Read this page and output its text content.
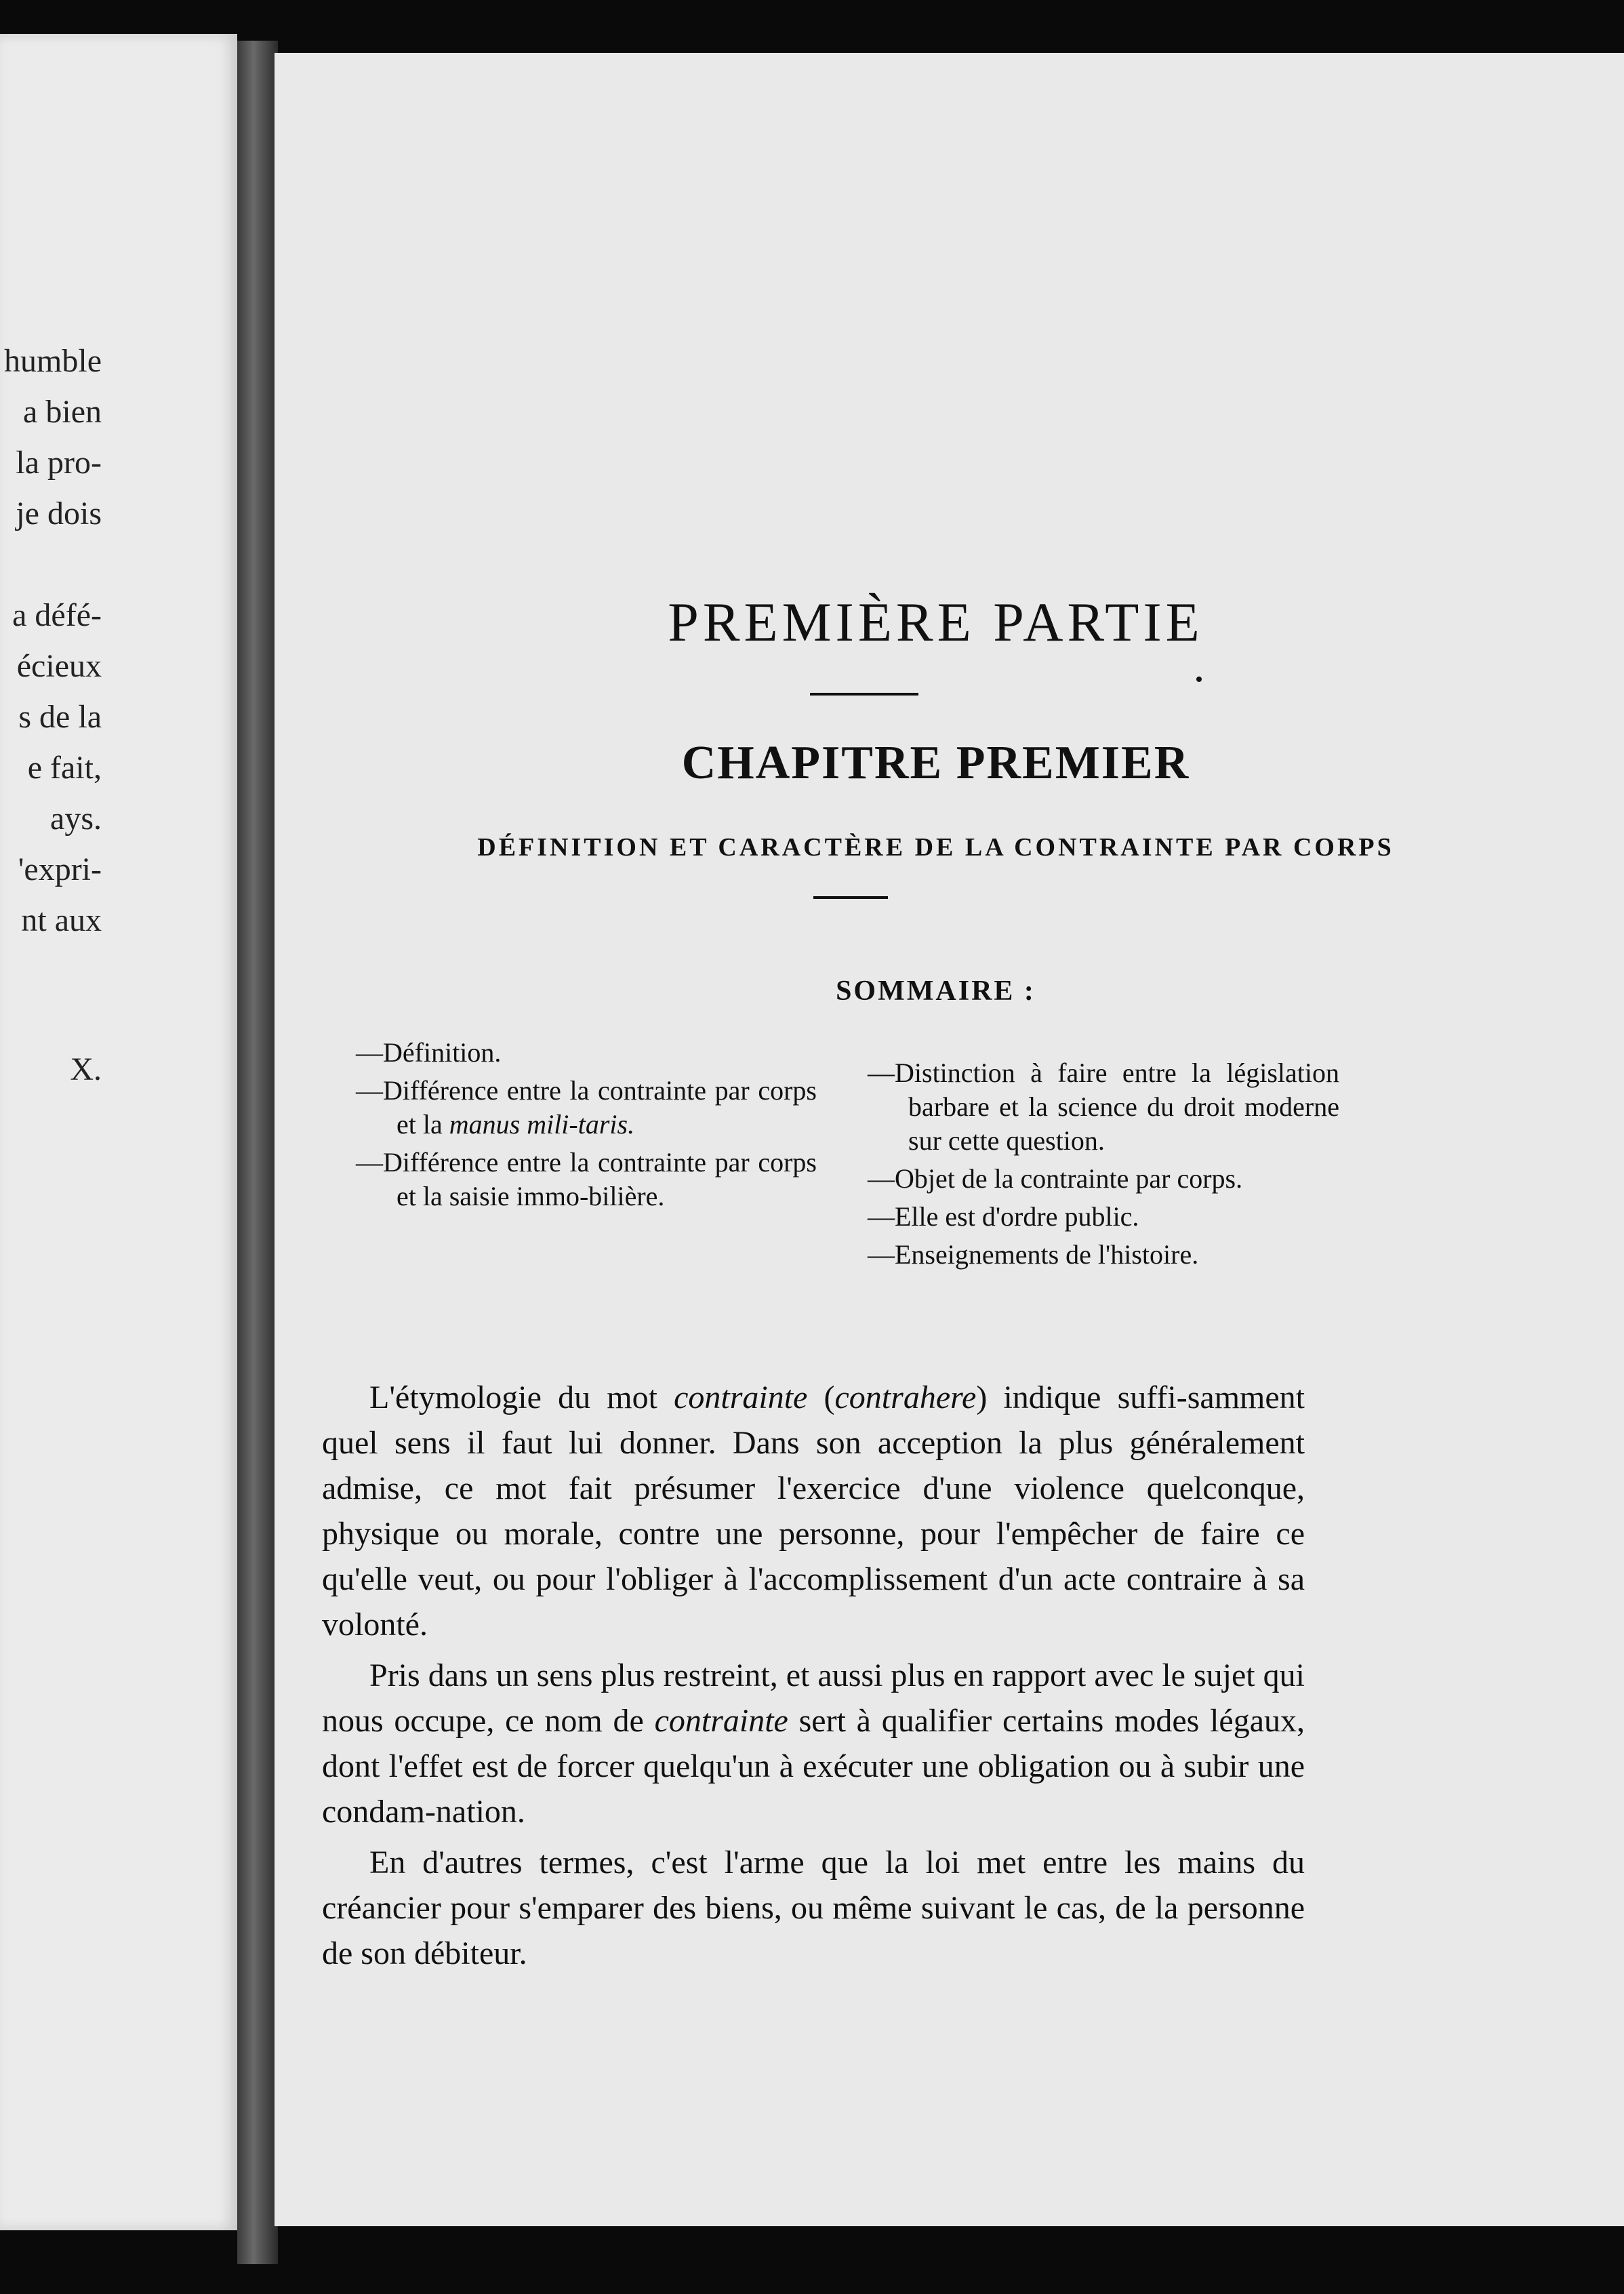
humble
a bien
la pro-
je dois
a défé-
écieux
s de la
e fait,
ays.
'expri-
nt aux
X.
PREMIÈRE PARTIE
CHAPITRE PREMIER
DÉFINITION ET CARACTÈRE DE LA CONTRAINTE PAR CORPS
SOMMAIRE :
—Définition.
—Différence entre la contrainte par corps et la manus mili-taris.
—Différence entre la contrainte par corps et la saisie immo-bilière.
—Distinction à faire entre la législation barbare et la science du droit moderne sur cette question.
—Objet de la contrainte par corps.
—Elle est d'ordre public.
—Enseignements de l'histoire.

L'étymologie du mot contrainte (contrahere) indique suffi-samment quel sens il faut lui donner. Dans son acception la plus généralement admise, ce mot fait présumer l'exercice d'une violence quelconque, physique ou morale, contre une personne, pour l'empêcher de faire ce qu'elle veut, ou pour l'obliger à l'accomplissement d'un acte contraire à sa volonté.

Pris dans un sens plus restreint, et aussi plus en rapport avec le sujet qui nous occupe, ce nom de contrainte sert à qualifier certains modes légaux, dont l'effet est de forcer quelqu'un à exécuter une obligation ou à subir une condam-nation.

En d'autres termes, c'est l'arme que la loi met entre les mains du créancier pour s'emparer des biens, ou même suivant le cas, de la personne de son débiteur.
